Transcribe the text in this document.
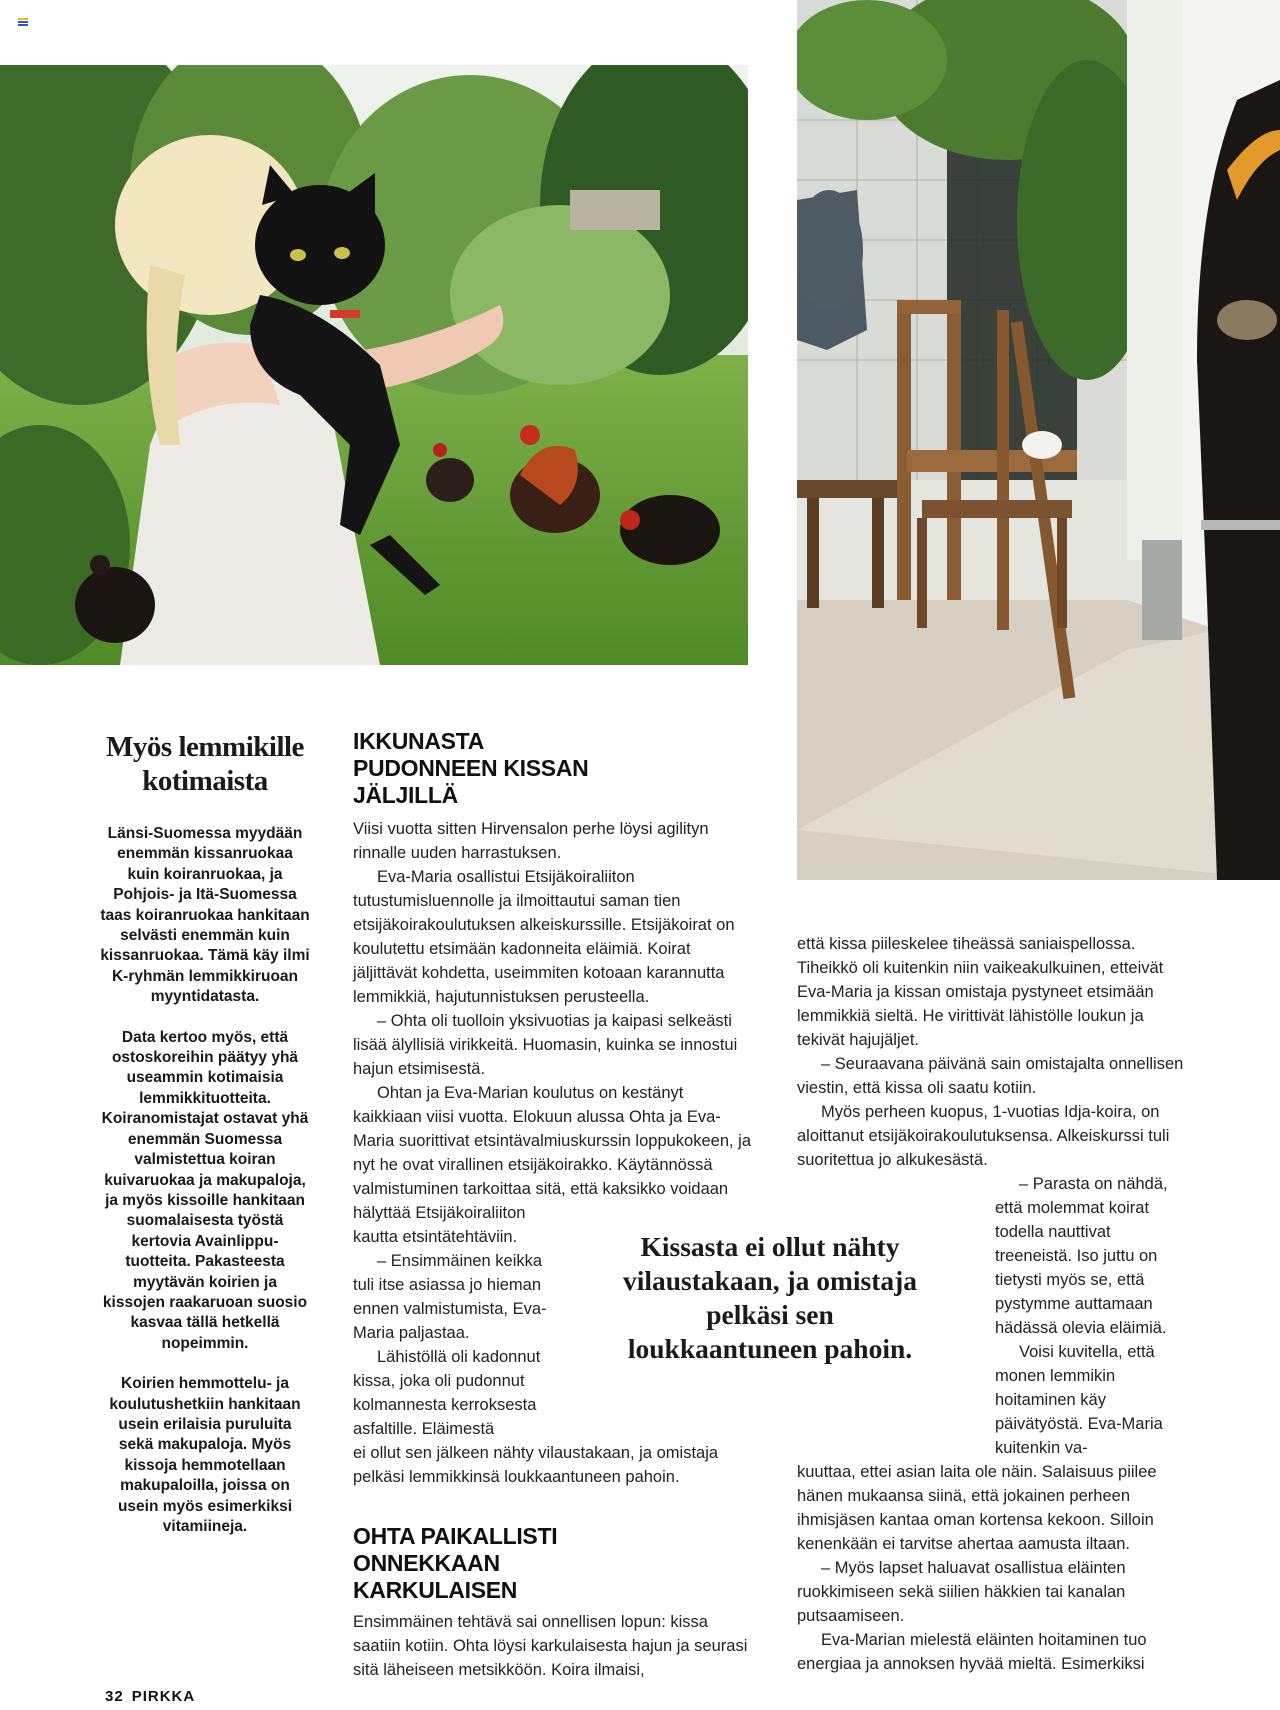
Myös lemmikille kotimaista

Länsi-Suomessa myydään enemmän kissanruokaa kuin koiranruokaa, ja Pohjois- ja Itä-Suomessa taas koiranruokaa hankitaan selvästi enemmän kuin kissanruokaa. Tämä käy ilmi K-ryhmän lemmikkiruoan myyntidatasta.

Data kertoo myös, että ostoskoreihin päätyy yhä useammin kotimaisia lemmikkituotteita. Koiranomistajat ostavat yhä enemmän Suomessa valmistettua koiran kuivaruokaa ja makupaloja, ja myös kissoille hankitaan suomalaisesta työstä kertovia Avainlippu-tuotteita. Pakasteesta myytävän koirien ja kissojen raakaruoan suosio kasvaa tällä hetkellä nopeimmin.

Koirien hemmottelu- ja koulutushetkiin hankitaan usein erilaisia puruluita sekä makupaloja. Myös kissoja hemmotellaan makupaloilla, joissa on usein myös esimerkiksi vitamiineja.

IKKUNASTA PUDONNEEN KISSAN JÄLJILLÄ

Viisi vuotta sitten Hirvensalon perhe löysi agilityn rinnalle uuden harrastuksen.

Eva-Maria osallistui Etsijäkoiraliiton tutustumisluennolle ja ilmoittautui saman tien etsijäkoirakoulutuksen alkeiskurssille. Etsijäkoirat on koulutettu etsimään kadonneita eläimiä. Koirat jäljittävät kohdetta, useimmiten kotoaan karannutta lemmikkiä, hajutunnistuksen perusteella.

– Ohta oli tuolloin yksivuotias ja kaipasi selkeästi lisää älyllisiä virikkeitä. Huomasin, kuinka se innostui hajun etsimisestä.

Ohtan ja Eva-Marian koulutus on kestänyt kaikkiaan viisi vuotta. Elokuun alussa Ohta ja Eva-Maria suorittivat etsintävalmiuskurssin loppukokeen, ja nyt he ovat virallinen etsijäkoirakko. Käytännössä valmistuminen tarkoittaa sitä, että kaksikko voidaan

hälyttää Etsijäkoiraliiton kautta etsintätehtäviin.

– Ensimmäinen keikka tuli itse asiassa jo hieman ennen valmistumista, Eva-Maria paljastaa.

Lähistöllä oli kadonnut kissa, joka oli pudonnut kolmannesta kerroksesta asfaltille. Eläimestä

ei ollut sen jälkeen nähty vilaustakaan, ja omistaja pelkäsi lemmikkinsä loukkaantuneen pahoin.

OHTA PAIKALLISTI ONNEKKAAN KARKULAISEN

Ensimmäinen tehtävä sai onnellisen lopun: kissa saatiin kotiin. Ohta löysi karkulaisesta hajun ja seurasi sitä läheiseen metsikköön. Koira ilmaisi,

Kissasta ei ollut nähty vilaustakaan, ja omistaja pelkäsi sen loukkaantuneen pahoin.

että kissa piileskelee tiheässä saniaispellossa. Tiheikkö oli kuitenkin niin vaikeakulkuinen, etteivät Eva-Maria ja kissan omistaja pystyneet etsimään lemmikkiä sieltä. He virittivät lähistölle loukun ja tekivät hajujäljet.

– Seuraavana päivänä sain omistajalta onnellisen viestin, että kissa oli saatu kotiin.

Myös perheen kuopus, 1-vuotias Idja-koira, on aloittanut etsijäkoirakoulutuksensa. Alkeiskurssi tuli suoritettua jo alkukesästä.

– Parasta on nähdä, että molemmat koirat todella nauttivat treeneistä. Iso juttu on tietysti myös se, että pystymme auttamaan hädässä olevia eläimiä.

Voisi kuvitella, että monen lemmikin hoitaminen käy päivätyöstä. Eva-Maria kuitenkin va-

kuuttaa, ettei asian laita ole näin. Salaisuus piilee hänen mukaansa siinä, että jokainen perheen ihmisjäsen kantaa oman kortensa kekoon. Silloin kenenkään ei tarvitse ahertaa aamusta iltaan.

– Myös lapset haluavat osallistua eläinten ruokkimiseen sekä siilien häkkien tai kanalan putsaamiseen.

Eva-Marian mielestä eläinten hoitaminen tuo energiaa ja annoksen hyvää mieltä. Esimerkiksi

32 PIRKKA
